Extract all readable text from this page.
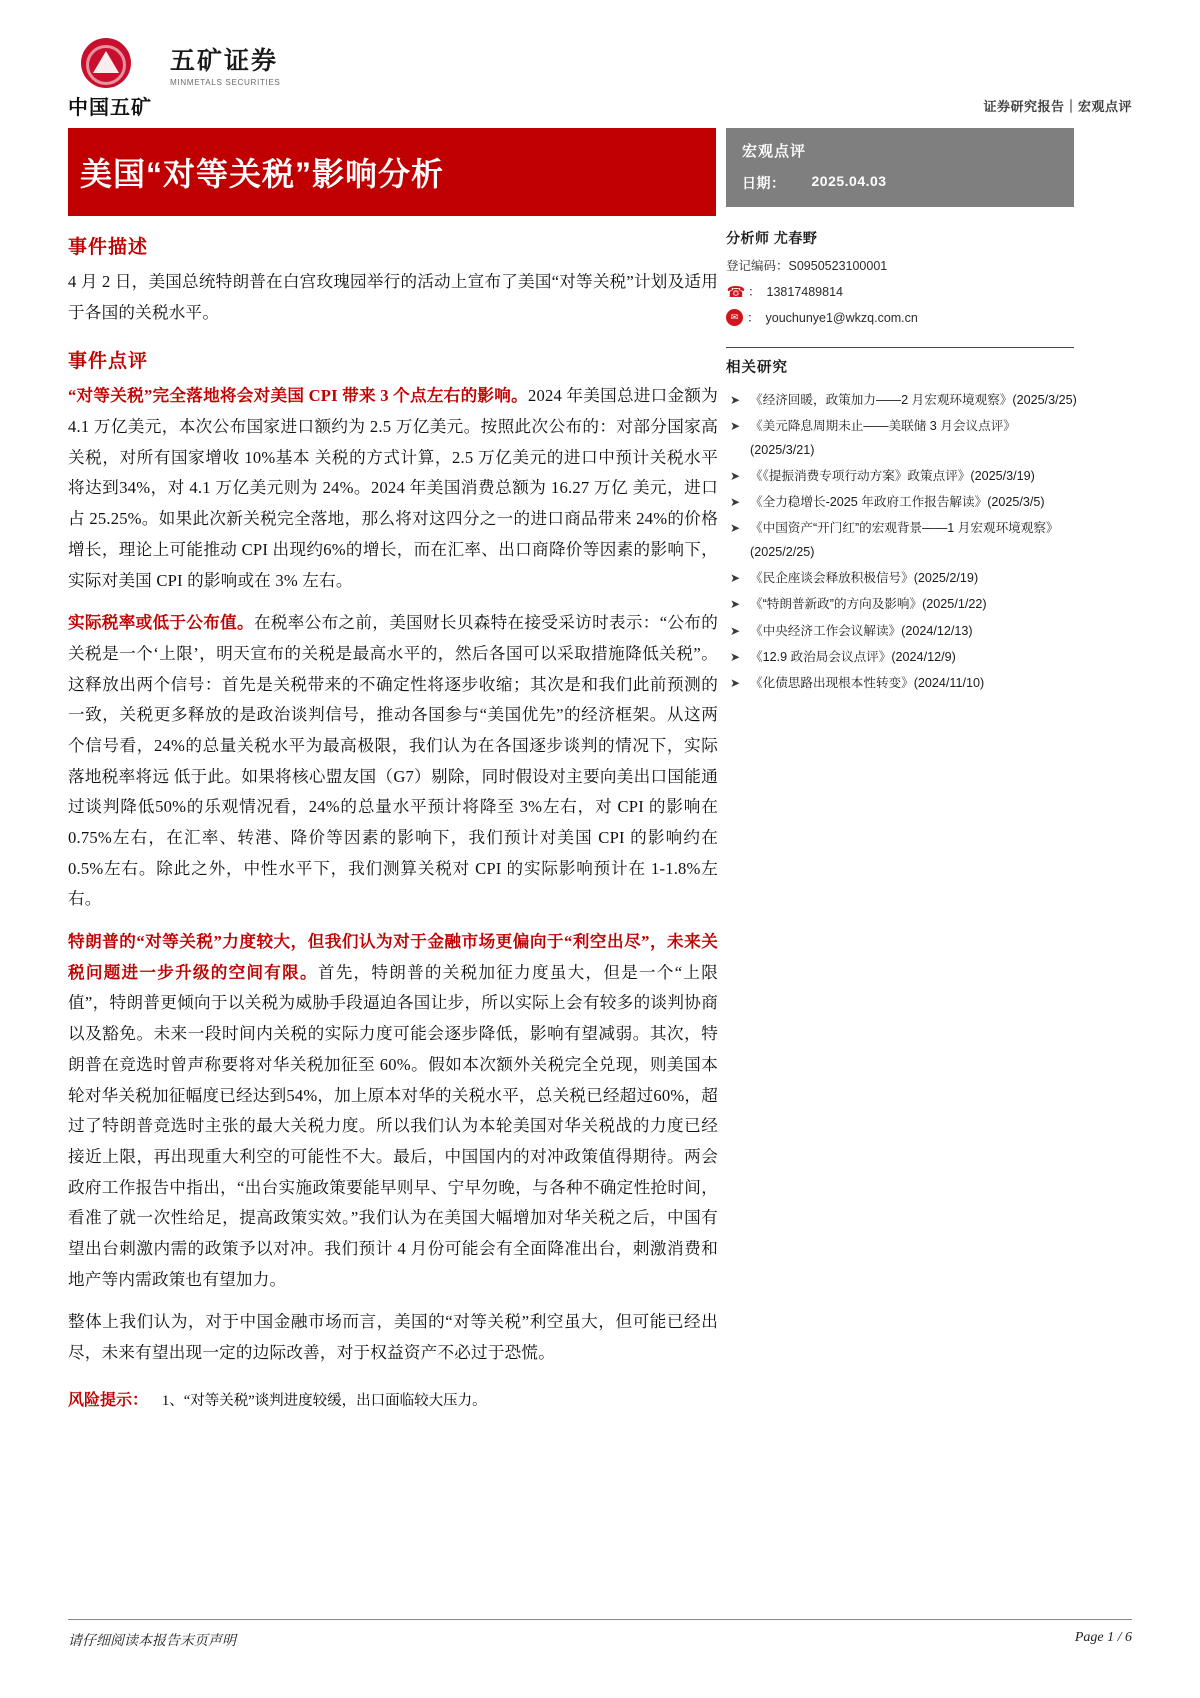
中国五矿
五矿证券
MINMETALS SECURITIES
证券研究报告｜宏观点评
美国“对等关税”影响分析
宏观点评
日期： 2025.04.03
分析师 尤春野
登记编码： S0950523100001
☎ ： 13817489814
✉ ： youchunye1@wkzq.com.cn
相关研究
➤ 《经济回暖，政策加力——2 月宏观环境观察》(2025/3/25)
➤ 《美元降息周期未止——美联储 3 月会议点评》(2025/3/21)
➤ 《《提振消费专项行动方案》政策点评》(2025/3/19)
➤ 《全力稳增长-2025 年政府工作报告解读》(2025/3/5)
➤ 《中国资产“开门红”的宏观背景——1 月宏观环境观察》(2025/2/25)
➤ 《民企座谈会释放积极信号》(2025/2/19)
➤ 《“特朗普新政”的方向及影响》(2025/1/22)
➤ 《中央经济工作会议解读》(2024/12/13)
➤ 《12.9 政治局会议点评》(2024/12/9)
➤ 《化债思路出现根本性转变》(2024/11/10)
事件描述

4 月 2 日，美国总统特朗普在白宫玫瑰园举行的活动上宣布了美国“对等关税”计划及适用于各国的关税水平。

事件点评

“对等关税”完全落地将会对美国 CPI 带来 3 个点左右的影响。2024 年美国总进口金额为 4.1 万亿美元，本次公布国家进口额约为 2.5 万亿美元。按照此次公布的：对部分国家高关税，对所有国家增收 10%基本 关税的方式计算，2.5 万亿美元的进口中预计关税水平将达到34%，对 4.1 万亿美元则为 24%。2024 年美国消费总额为 16.27 万亿 美元，进口占 25.25%。如果此次新关税完全落地，那么将对这四分之一的进口商品带来 24%的价格增长，理论上可能推动 CPI 出现约6%的增长，而在汇率、出口商降价等因素的影响下，实际对美国 CPI 的影响或在 3% 左右。

实际税率或低于公布值。在税率公布之前，美国财长贝森特在接受采访时表示：“公布的关税是一个‘上限’，明天宣布的关税是最高水平的，然后各国可以采取措施降低关税”。这释放出两个信号：首先是关税带来的不确定性将逐步收缩；其次是和我们此前预测的一致，关税更多释放的是政治谈判信号，推动各国参与“美国优先”的经济框架。从这两个信号看，24%的总量关税水平为最高极限，我们认为在各国逐步谈判的情况下，实际落地税率将远 低于此。如果将核心盟友国（G7）剔除，同时假设对主要向美出口国能通过谈判降低50%的乐观情况看，24%的总量水平预计将降至 3%左右，对 CPI 的影响在 0.75%左右，在汇率、转港、降价等因素的影响下，我们预计对美国 CPI 的影响约在 0.5%左右。除此之外，中性水平下，我们测算关税对 CPI 的实际影响预计在 1-1.8%左右。

特朗普的“对等关税”力度较大，但我们认为对于金融市场更偏向于“利空出尽”，未来关税问题进一步升级的空间有限。首先，特朗普的关税加征力度虽大，但是一个“上限值”，特朗普更倾向于以关税为威胁手段逼迫各国让步，所以实际上会有较多的谈判协商以及豁免。未来一段时间内关税的实际力度可能会逐步降低，影响有望减弱。其次，特朗普在竞选时曾声称要将对华关税加征至 60%。假如本次额外关税完全兑现，则美国本轮对华关税加征幅度已经达到54%，加上原本对华的关税水平，总关税已经超过60%，超过了特朗普竞选时主张的最大关税力度。所以我们认为本轮美国对华关税战的力度已经接近上限，再出现重大利空的可能性不大。最后，中国国内的对冲政策值得期待。两会政府工作报告中指出，“出台实施政策要能早则早、宁早勿晚，与各种不确定性抢时间，看准了就一次性给足，提高政策实效。”我们认为在美国大幅增加对华关税之后，中国有望出台刺激内需的政策予以对冲。我们预计 4 月份可能会有全面降准出台，刺激消费和地产等内需政策也有望加力。

整体上我们认为，对于中国金融市场而言，美国的“对等关税”利空虽大，但可能已经出尽，未来有望出现一定的边际改善，对于权益资产不必过于恐慌。

风险提示： 1、“对等关税”谈判进度较缓，出口面临较大压力。
请仔细阅读本报告末页声明	Page 1 / 6
